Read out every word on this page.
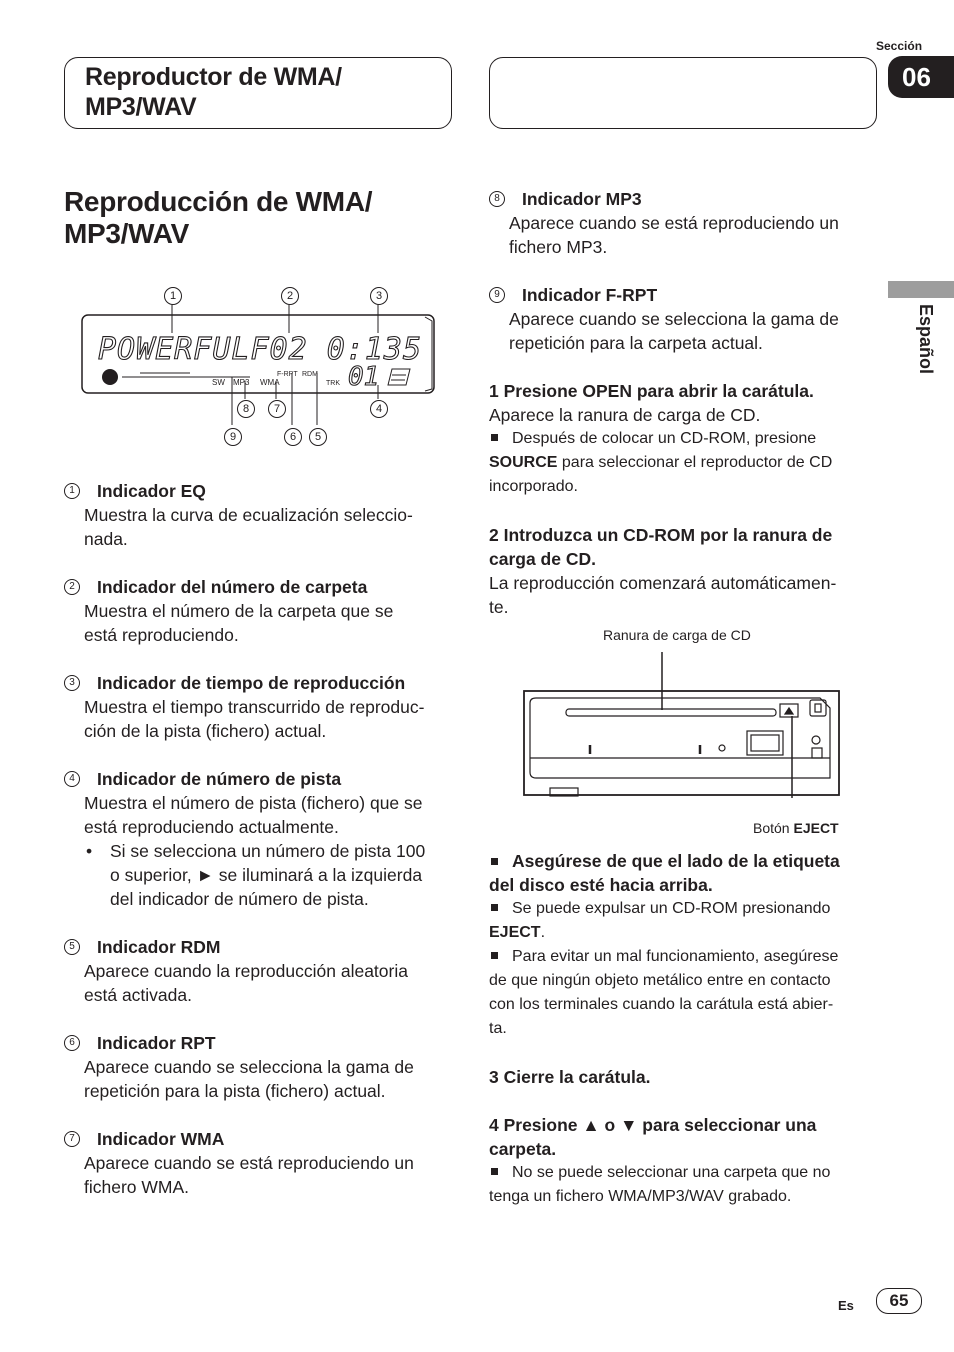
Reproductor de WMA/
MP3/WAV
Sección
06
Español
Reproducción de WMA/
MP3/WAV
POWERFULF02 0:135
01
SW MP3 WMA
F-RPT RDM
TRK
1	2	3
4
8	7
9	6	5
1 Indicador EQ
Muestra la curva de ecualización seleccio-
nada.
2 Indicador del número de carpeta
Muestra el número de la carpeta que se
está reproduciendo.
3 Indicador de tiempo de reproducción
Muestra el tiempo transcurrido de reproduc-
ción de la pista (fichero) actual.
4 Indicador de número de pista
Muestra el número de pista (fichero) que se
está reproduciendo actualmente.
•	Si se selecciona un número de pista 100
o superior, ► se iluminará a la izquierda
del indicador de número de pista.
5 Indicador RDM
Aparece cuando la reproducción aleatoria
está activada.
6 Indicador RPT
Aparece cuando se selecciona la gama de
repetición para la pista (fichero) actual.
7 Indicador WMA
Aparece cuando se está reproduciendo un
fichero WMA.
8 Indicador MP3
Aparece cuando se está reproduciendo un
fichero MP3.
9 Indicador F-RPT
Aparece cuando se selecciona la gama de
repetición para la carpeta actual.
1 Presione OPEN para abrir la carátula.
Aparece la ranura de carga de CD.
Después de colocar un CD-ROM, presione
SOURCE para seleccionar el reproductor de CD
incorporado.
2 Introduzca un CD-ROM por la ranura de
carga de CD.
La reproducción comenzará automáticamen-
te.
Ranura de carga de CD
Botón EJECT
Asegúrese de que el lado de la etiqueta
del disco esté hacia arriba.
Se puede expulsar un CD-ROM presionando
EJECT.
Para evitar un mal funcionamiento, asegúrese
de que ningún objeto metálico entre en contacto
con los terminales cuando la carátula está abier-
ta.
3 Cierre la carátula.
4 Presione ▲ o ▼ para seleccionar una
carpeta.
No se puede seleccionar una carpeta que no
tenga un fichero WMA/MP3/WAV grabado.
Es	65
